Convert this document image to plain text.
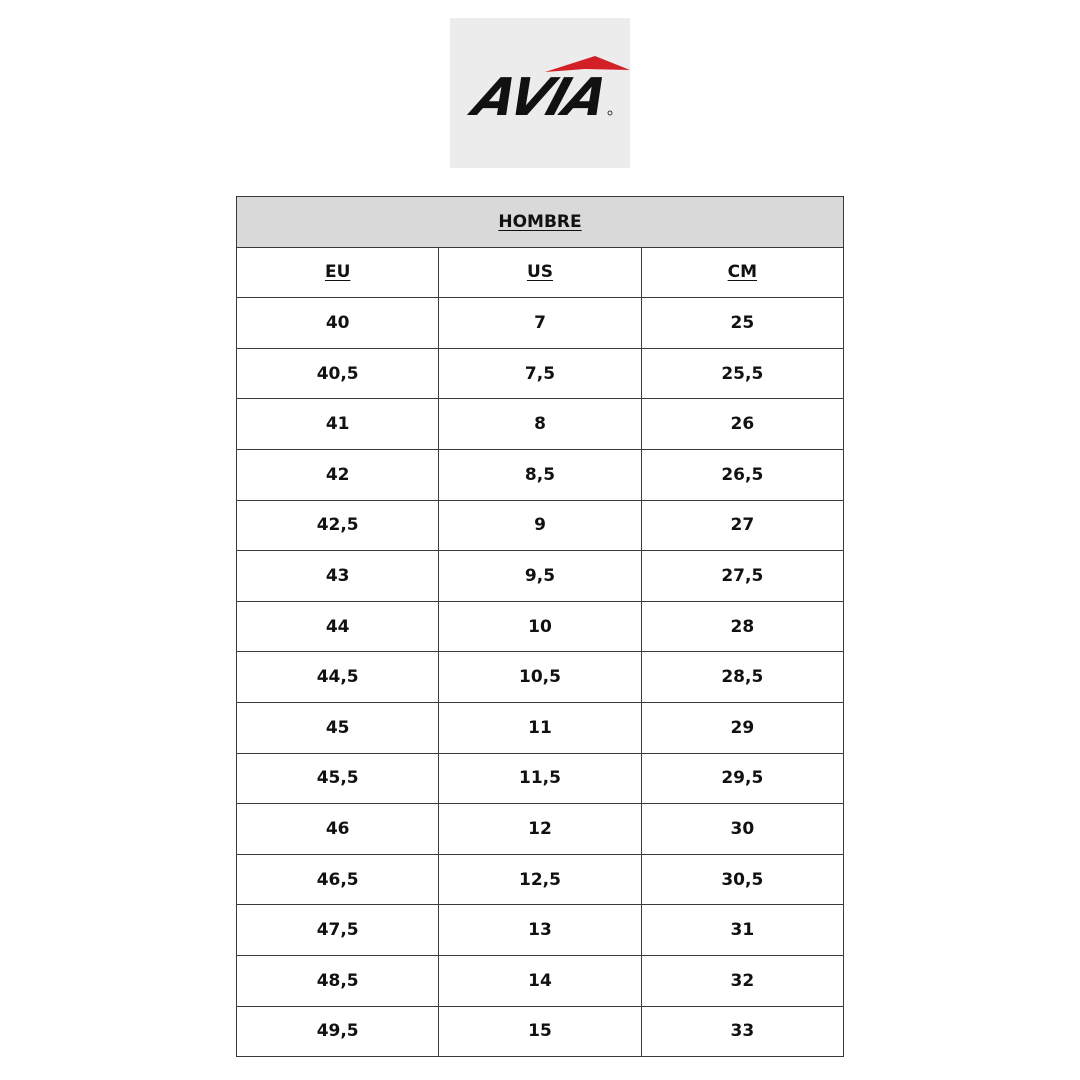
AVIA
HOMBRE		
EU	US	CM
40	7	25
40,5	7,5	25,5
41	8	26
42	8,5	26,5
42,5	9	27
43	9,5	27,5
44	10	28
44,5	10,5	28,5
45	11	29
45,5	11,5	29,5
46	12	30
46,5	12,5	30,5
47,5	13	31
48,5	14	32
49,5	15	33
